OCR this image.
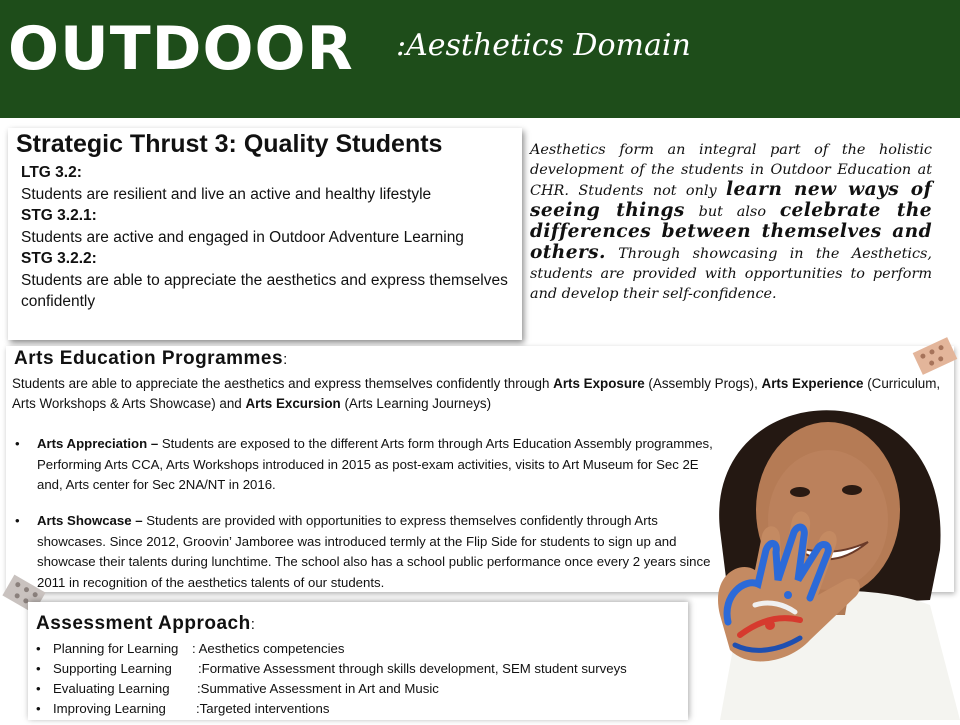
OUTDOOR :Aesthetics Domain
Strategic Thrust 3: Quality Students
LTG 3.2:
Students are resilient and live an active and healthy lifestyle
STG 3.2.1:
Students are active and engaged in Outdoor Adventure Learning
STG 3.2.2:
Students are able to appreciate the aesthetics and express themselves confidently
Aesthetics form an integral part of the holistic development of the students in Outdoor Education at CHR. Students not only learn new ways of seeing things but also celebrate the differences between themselves and others. Through showcasing in the Aesthetics, students are provided with opportunities to perform and develop their self-confidence.
Arts Education Programmes:
Students are able to appreciate the aesthetics and express themselves confidently through Arts Exposure (Assembly Progs), Arts Experience (Curriculum, Arts Workshops & Arts Showcase) and Arts Excursion (Arts Learning Journeys)
• Arts Appreciation – Students are exposed to the different Arts form through Arts Education Assembly programmes, Performing Arts CCA, Arts Workshops introduced in 2015 as post-exam activities, visits to Art Museum for Sec 2E and, Arts center for Sec 2NA/NT in 2016.
• Arts Showcase – Students are provided with opportunities to express themselves confidently through Arts showcases. Since 2012, Groovin’ Jamboree was introduced termly at the Flip Side for students to sign up and showcase their talents during lunchtime. The school also has a school public performance once every 2 years since 2011 in recognition of the aesthetics talents of our students.
Assessment Approach:
• Planning for Learning : Aesthetics competencies
• Supporting Learning :Formative Assessment through skills development, SEM student surveys
• Evaluating Learning :Summative Assessment in Art and Music
• Improving Learning :Targeted interventions
